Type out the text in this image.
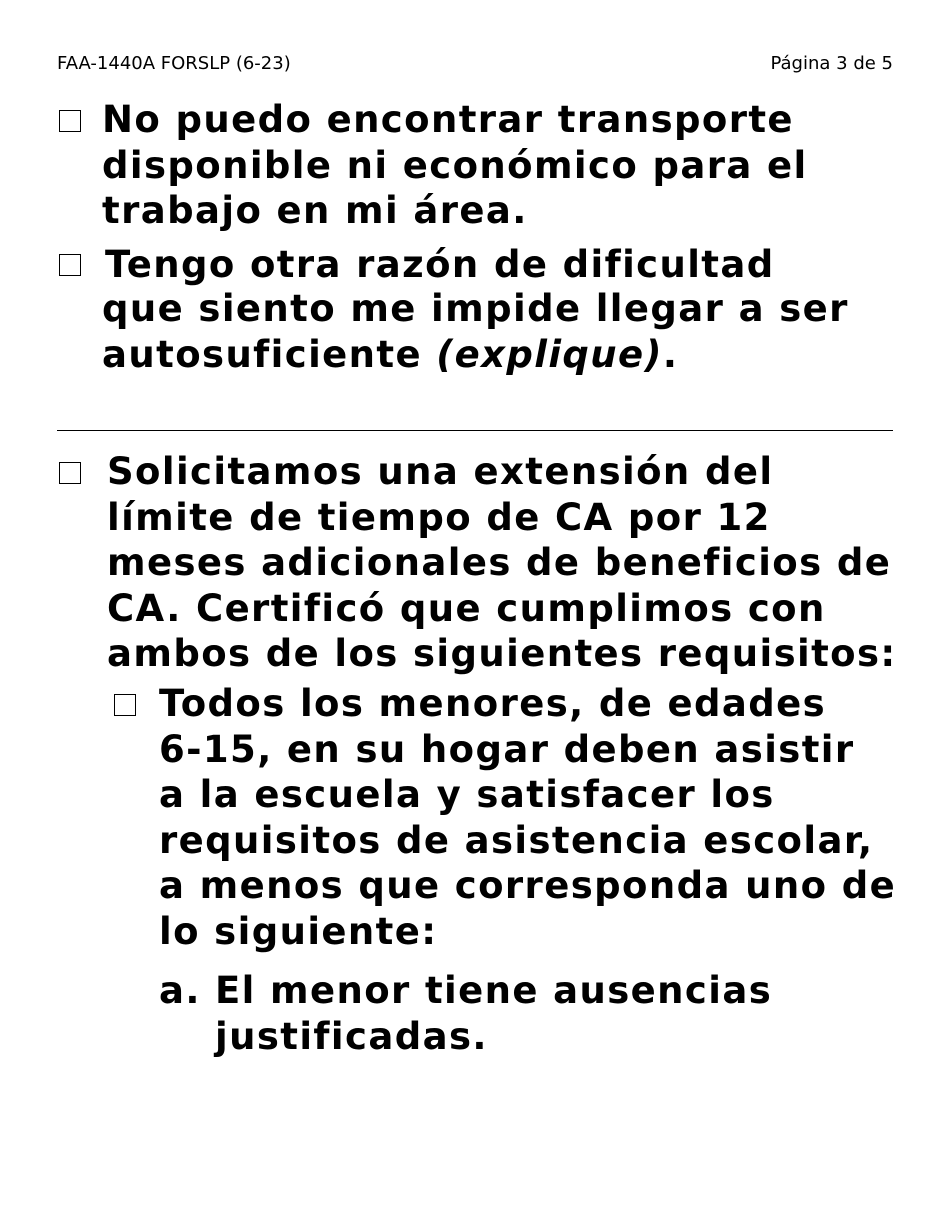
FAA-1440A FORSLP (6-23)	Página 3 de 5
No puedo encontrar transporte
disponible ni económico para el
trabajo en mi área.
Tengo otra razón de dificultad
que siento me impide llegar a ser
autosuficiente (explique).
Solicitamos una extensión del
límite de tiempo de CA por 12
meses adicionales de beneficios de
CA. Certificó que cumplimos con
ambos de los siguientes requisitos:
Todos los menores, de edades
6-15, en su hogar deben asistir
a la escuela y satisfacer los
requisitos de asistencia escolar,
a menos que corresponda uno de
lo siguiente:
a. El menor tiene ausencias
justificadas.
